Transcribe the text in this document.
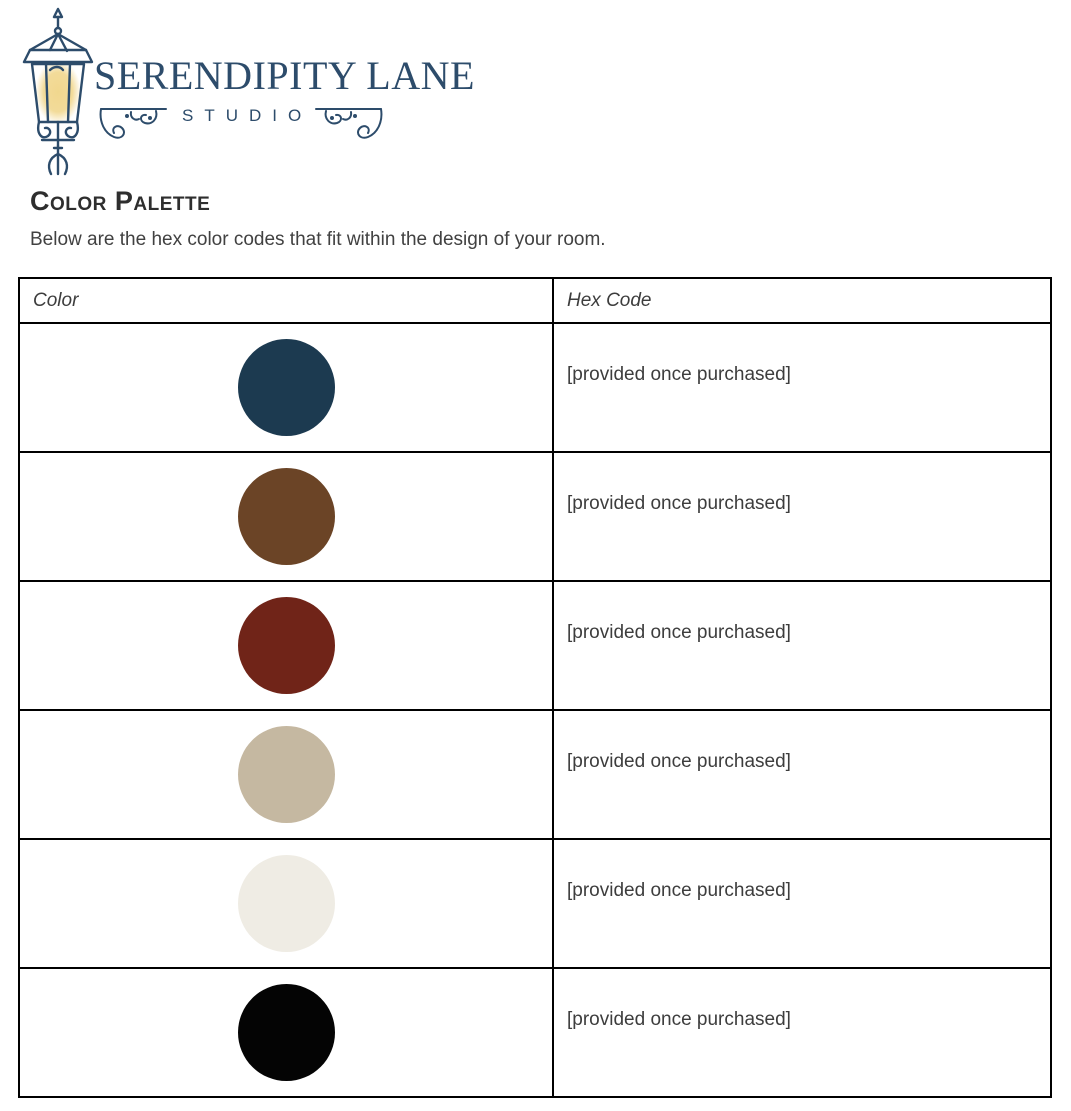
SERENDIPITY LANE
STUDIO
Color Palette
Below are the hex color codes that fit within the design of your room.
Color	Hex Code
	[provided once purchased]
	[provided once purchased]
	[provided once purchased]
	[provided once purchased]
	[provided once purchased]
	[provided once purchased]
